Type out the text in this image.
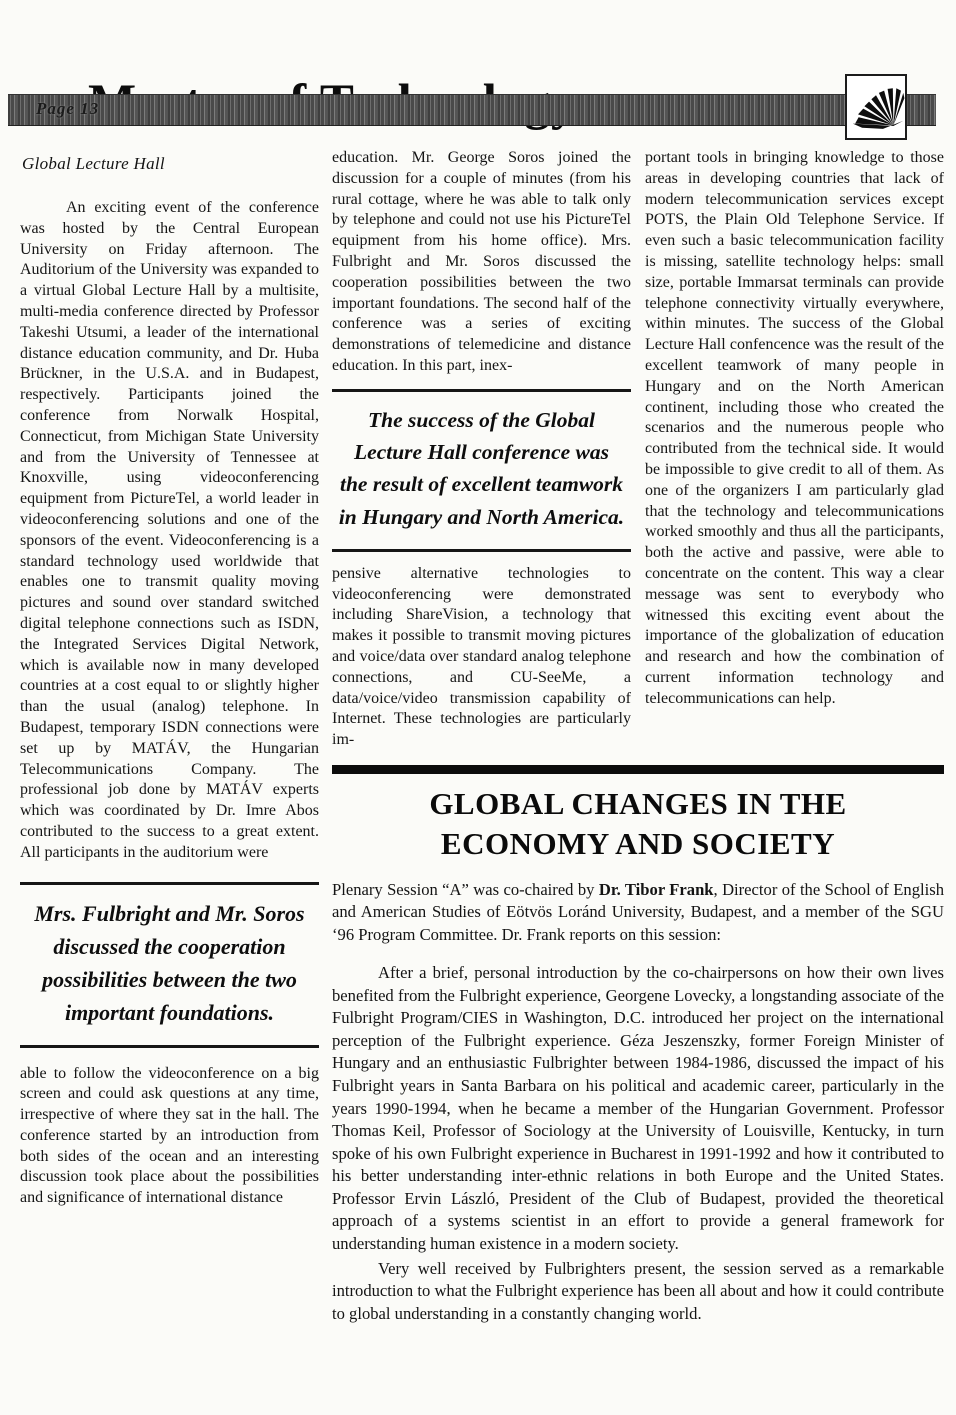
Page 13
Global Lecture Hall

An exciting event of the conference was hosted by the Central European University on Friday afternoon. The Auditorium of the University was expanded to a virtual Global Lecture Hall by a multisite, multi-media conference directed by Professor Takeshi Utsumi, a leader of the international distance education community, and Dr. Huba Brückner, in the U.S.A. and in Budapest, respectively. Participants joined the conference from Norwalk Hospital, Connecticut, from Michigan State University and from the University of Tennessee at Knoxville, using videoconferencing equipment from PictureTel, a world leader in videoconferencing solutions and one of the sponsors of the event. Videoconferencing is a standard technology used worldwide that enables one to transmit quality moving pictures and sound over standard switched digital telephone connections such as ISDN, the Integrated Services Digital Network, which is available now in many developed countries at a cost equal to or slightly higher than the usual (analog) telephone. In Budapest, temporary ISDN connections were set up by MATÁV, the Hungarian Telecommunications Company. The professional job done by MATÁV experts which was coordinated by Dr. Imre Abos contributed to the success to a great extent. All participants in the auditorium were

Mrs. Fulbright and Mr. Soros discussed the cooperation possibilities between the two important foundations.

able to follow the videoconference on a big screen and could ask questions at any time, irrespective of where they sat in the hall. The conference started by an introduction from both sides of the ocean and an interesting discussion took place about the possibilities and significance of international distance

education. Mr. George Soros joined the discussion for a couple of minutes (from his rural cottage, where he was able to talk only by telephone and could not use his PictureTel equipment from his home office). Mrs. Fulbright and Mr. Soros discussed the cooperation possibilities between the two important foundations. The second half of the conference was a series of exciting demonstrations of telemedicine and distance education. In this part, inex-

The success of the Global Lecture Hall conference was the result of excellent teamwork in Hungary and North America.

pensive alternative technologies to videoconferencing were demonstrated including ShareVision, a technology that makes it possible to transmit moving pictures and voice/data over standard analog telephone connections, and CU-SeeMe, a data/voice/video transmission capability of Internet. These technologies are particularly im-

portant tools in bringing knowledge to those areas in developing countries that lack of modern telecommunication services except POTS, the Plain Old Telephone Service. If even such a basic telecommunication facility is missing, satellite technology helps: small size, portable Immarsat terminals can provide telephone connectivity virtually everywhere, within minutes. The success of the Global Lecture Hall confencence was the result of the excellent teamwork of many people in Hungary and on the North American continent, including those who created the scenarios and the numerous people who contributed from the technical side. It would be impossible to give credit to all of them. As one of the organizers I am particularly glad that the technology and telecommunications worked smoothly and thus all the participants, both the active and passive, were able to concentrate on the content. This way a clear message was sent to everybody who witnessed this exciting event about the importance of the globalization of education and research and how the combination of current information technology and telecommunications can help.

GLOBAL CHANGES IN THE
ECONOMY AND SOCIETY

Plenary Session “A” was co-chaired by Dr. Tibor Frank, Director of the School of English and American Studies of Eötvös Loránd University, Budapest, and a member of the SGU ‘96 Program Committee. Dr. Frank reports on this session:

After a brief, personal introduction by the co-chairpersons on how their own lives benefited from the Fulbright experience, Georgene Lovecky, a longstanding associate of the Fulbright Program/CIES in Washington, D.C. introduced her project on the international perception of the Fulbright experience. Géza Jeszenszky, former Foreign Minister of Hungary and an enthusiastic Fulbrighter between 1984-1986, discussed the impact of his Fulbright years in Santa Barbara on his political and academic career, particularly in the years 1990-1994, when he became a member of the Hungarian Government. Professor Thomas Keil, Professor of Sociology at the University of Louisville, Kentucky, in turn spoke of his own Fulbright experience in Bucharest in 1991-1992 and how it contributed to his better understanding inter-ethnic relations in both Europe and the United States. Professor Ervin László, President of the Club of Budapest, provided the theoretical approach of a systems scientist in an effort to provide a general framework for understanding human existence in a modern society.

Very well received by Fulbrighters present, the session served as a remarkable introduction to what the Fulbright experience has been all about and how it could contribute to global understanding in a constantly changing world.
